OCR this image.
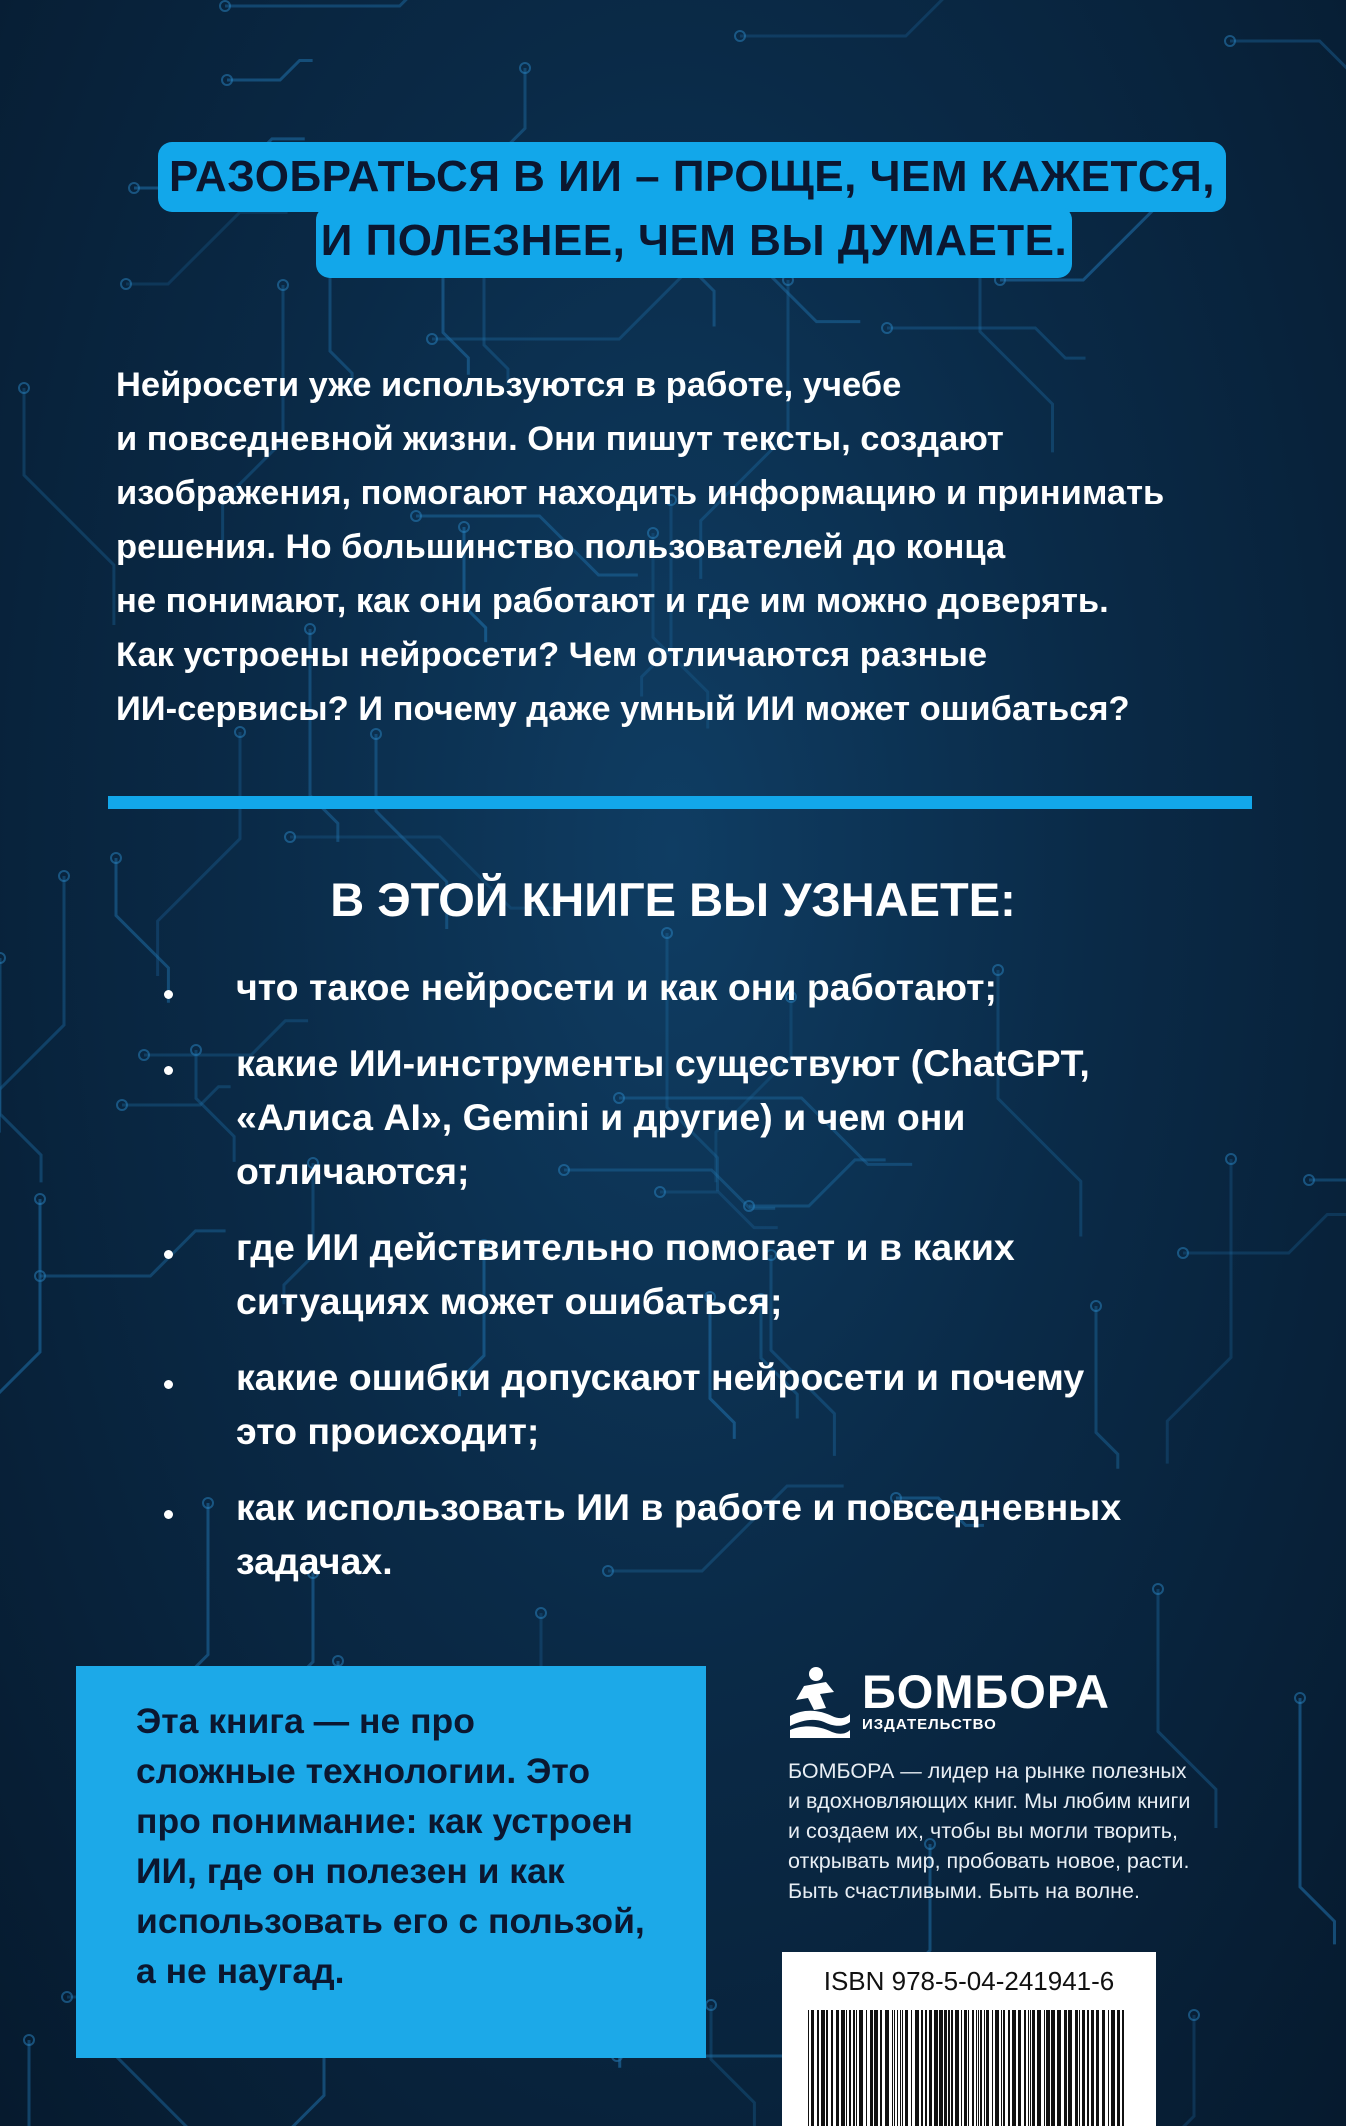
РАЗОБРАТЬСЯ В ИИ – ПРОЩЕ, ЧЕМ КАЖЕТСЯ,
И ПОЛЕЗНЕЕ, ЧЕМ ВЫ ДУМАЕТЕ.
Нейросети уже используются в работе, учебе
и повседневной жизни. Они пишут тексты, создают
изображения, помогают находить информацию и принимать
решения. Но большинство пользователей до конца
не понимают, как они работают и где им можно доверять.
Как устроены нейросети? Чем отличаются разные
ИИ-сервисы? И почему даже умный ИИ может ошибаться?
В ЭТОЙ КНИГЕ ВЫ УЗНАЕТЕ:
что такое нейросети и как они работают;
какие ИИ-инструменты существуют (ChatGPT,
«Алиса AI», Gemini и другие) и чем они
отличаются;
где ИИ действительно помогает и в каких
ситуациях может ошибаться;
какие ошибки допускают нейросети и почему
это происходит;
как использовать ИИ в работе и повседневных
задачах.
Эта книга — не про
сложные технологии. Это
про понимание: как устроен
ИИ, где он полезен и как
использовать его с пользой,
а не наугад.
БОМБОРА
ИЗДАТЕЛЬСТВО
БОМБОРА — лидер на рынке полезных
и вдохновляющих книг. Мы любим книги
и создаем их, чтобы вы могли творить,
открывать мир, пробовать новое, расти.
Быть счастливыми. Быть на волне.
ISBN 978-5-04-241941-6
